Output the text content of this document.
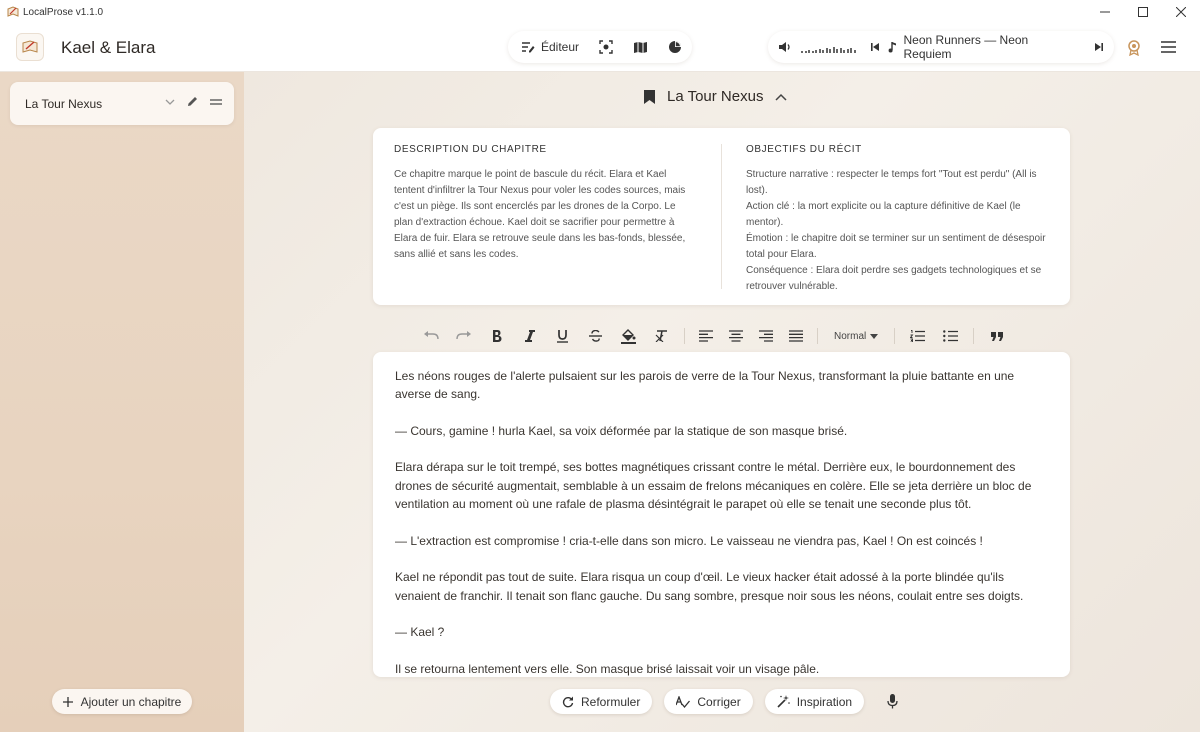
LocalProse v1.1.0
Kael & Elara	Éditeur	Neon Runners — Neon Requiem
La Tour Nexus
Ajouter un chapitre
La Tour Nexus
DESCRIPTION DU CHAPITRE
Ce chapitre marque le point de bascule du récit. Elara et Kael tentent d'infiltrer la Tour Nexus pour voler les codes sources, mais c'est un piège. Ils sont encerclés par les drones de la Corpo. Le plan d'extraction échoue. Kael doit se sacrifier pour permettre à Elara de fuir. Elara se retrouve seule dans les bas-fonds, blessée, sans allié et sans les codes.
OBJECTIFS DU RÉCIT
Structure narrative : respecter le temps fort "Tout est perdu" (All is lost).
Action clé : la mort explicite ou la capture définitive de Kael (le mentor).
Émotion : le chapitre doit se terminer sur un sentiment de désespoir total pour Elara.
Conséquence : Elara doit perdre ses gadgets technologiques et se retrouver vulnérable.
Normal

Les néons rouges de l'alerte pulsaient sur les parois de verre de la Tour Nexus, transformant la pluie battante en une averse de sang.

— Cours, gamine ! hurla Kael, sa voix déformée par la statique de son masque brisé.

Elara dérapa sur le toit trempé, ses bottes magnétiques crissant contre le métal. Derrière eux, le bourdonnement des drones de sécurité augmentait, semblable à un essaim de frelons mécaniques en colère. Elle se jeta derrière un bloc de ventilation au moment où une rafale de plasma désintégrait le parapet où elle se tenait une seconde plus tôt.

— L'extraction est compromise ! cria-t-elle dans son micro. Le vaisseau ne viendra pas, Kael ! On est coincés !

Kael ne répondit pas tout de suite. Elara risqua un coup d'œil. Le vieux hacker était adossé à la porte blindée qu'ils venaient de franchir. Il tenait son flanc gauche. Du sang sombre, presque noir sous les néons, coulait entre ses doigts.

— Kael ?

Il se retourna lentement vers elle. Son masque brisé laissait voir un visage pâle.

Reformuler	Corriger	Inspiration
